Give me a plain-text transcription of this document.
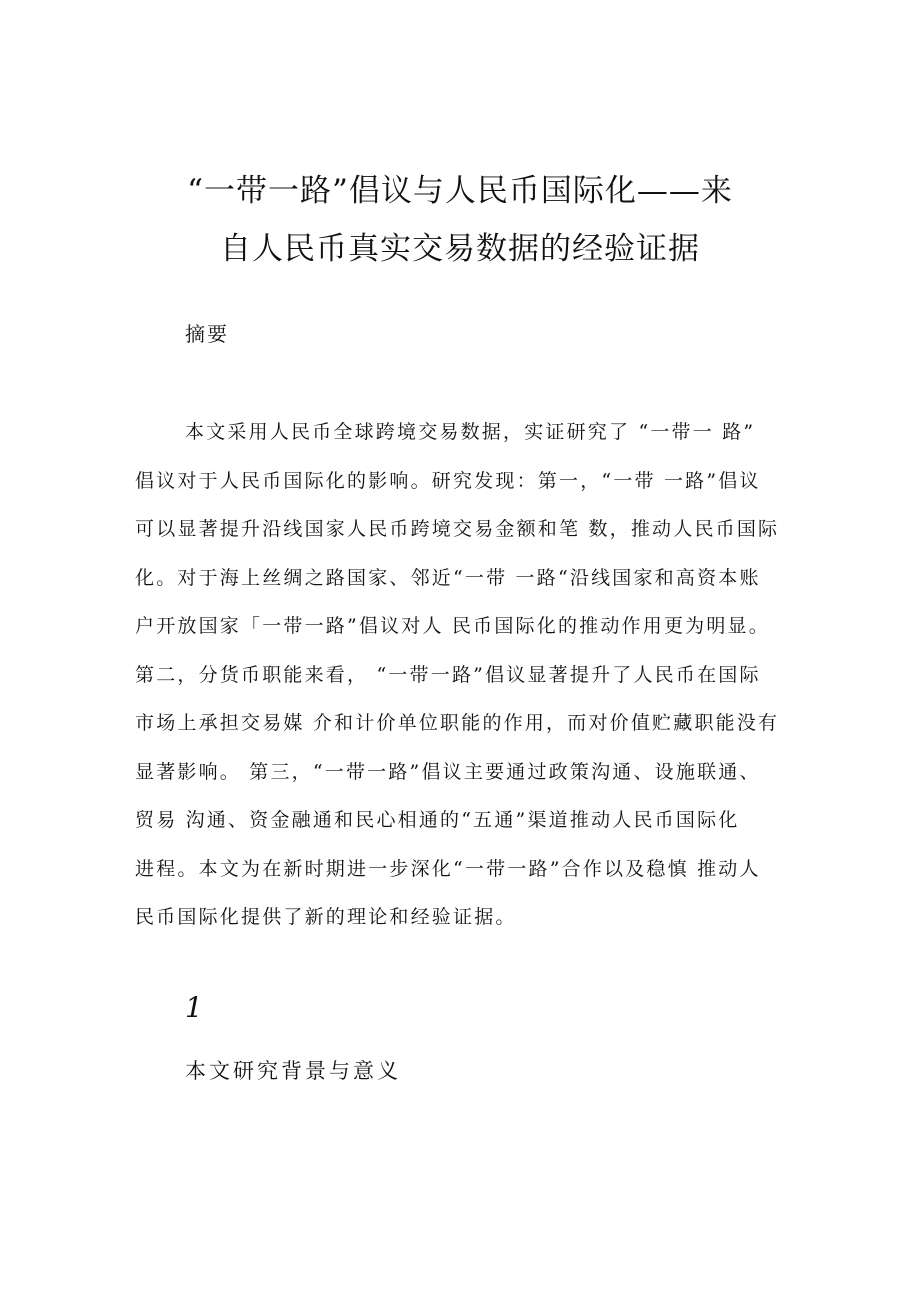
“一带一路”倡议与人民币国际化——来
自人民币真实交易数据的经验证据
摘要
本文采用人民币全球跨境交易数据，实证研究了 “一带一 路”
倡议对于人民币国际化的影响。研究发现：第一，“一带 一路”倡议
可以显著提升沿线国家人民币跨境交易金额和笔 数，推动人民币国际
化。对于海上丝绸之路国家、邻近“一带 一路“沿线国家和高资本账
户开放国家「一带一路”倡议对人 民币国际化的推动作用更为明显。
第二，分货币职能来看， “一带一路”倡议显著提升了人民币在国际
市场上承担交易媒 介和计价单位职能的作用，而对价值贮藏职能没有
显著影响。 第三，“一带一路”倡议主要通过政策沟通、设施联通、
贸易 沟通、资金融通和民心相通的“五通”渠道推动人民币国际化
进程。本文为在新时期进一步深化“一带一路”合作以及稳慎 推动人
民币国际化提供了新的理论和经验证据。
1
本文研究背景与意义
